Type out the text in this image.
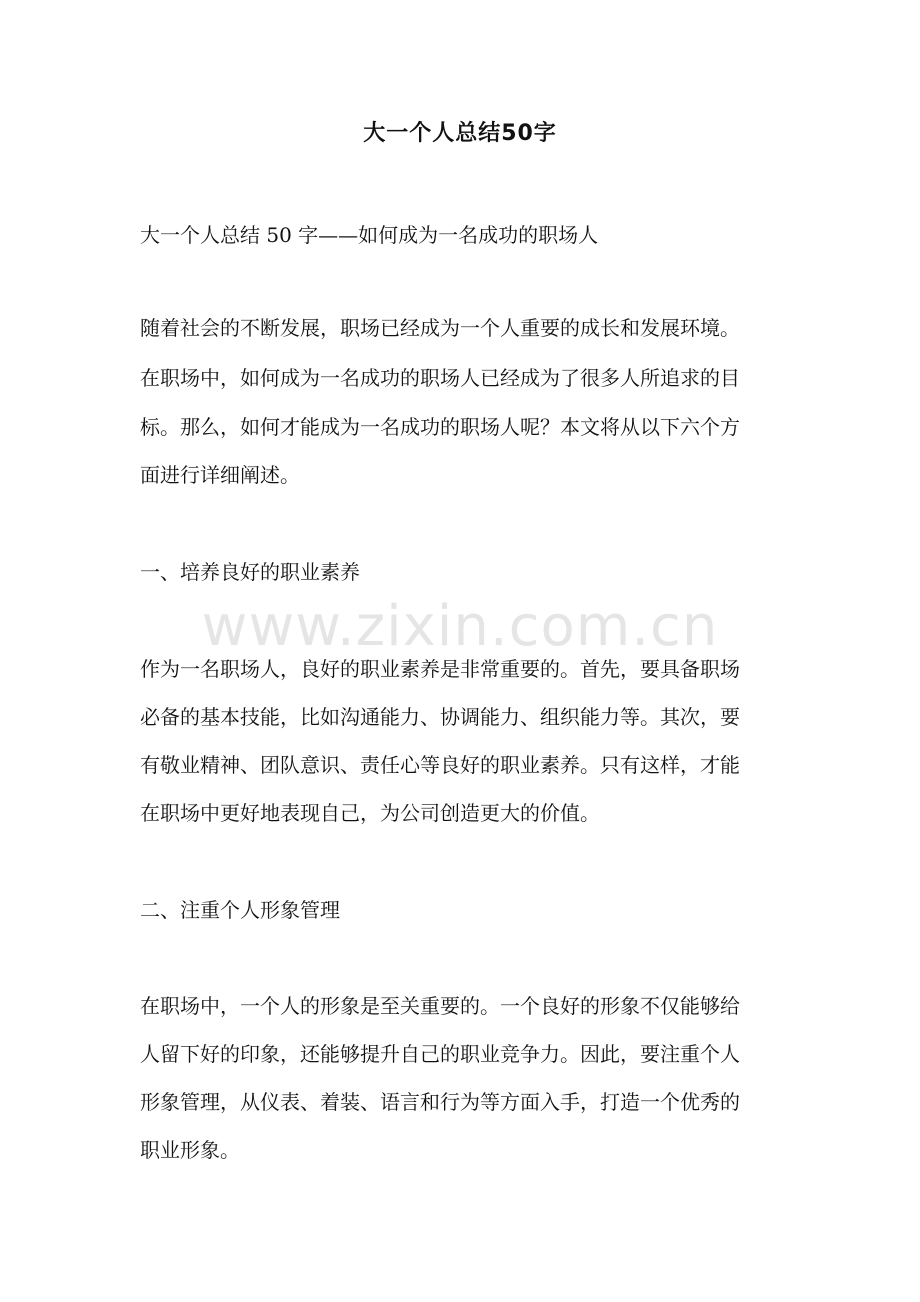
大一个人总结50字
大一个人总结 50 字——如何成为一名成功的职场人
随着社会的不断发展，职场已经成为一个人重要的成长和发展环境。
在职场中，如何成为一名成功的职场人已经成为了很多人所追求的目
标。那么，如何才能成为一名成功的职场人呢？本文将从以下六个方
面进行详细阐述。
一、培养良好的职业素养
www.zixin.com.cn
作为一名职场人，良好的职业素养是非常重要的。首先，要具备职场
必备的基本技能，比如沟通能力、协调能力、组织能力等。其次，要
有敬业精神、团队意识、责任心等良好的职业素养。只有这样，才能
在职场中更好地表现自己，为公司创造更大的价值。
二、注重个人形象管理
在职场中，一个人的形象是至关重要的。一个良好的形象不仅能够给
人留下好的印象，还能够提升自己的职业竞争力。因此，要注重个人
形象管理，从仪表、着装、语言和行为等方面入手，打造一个优秀的
职业形象。
